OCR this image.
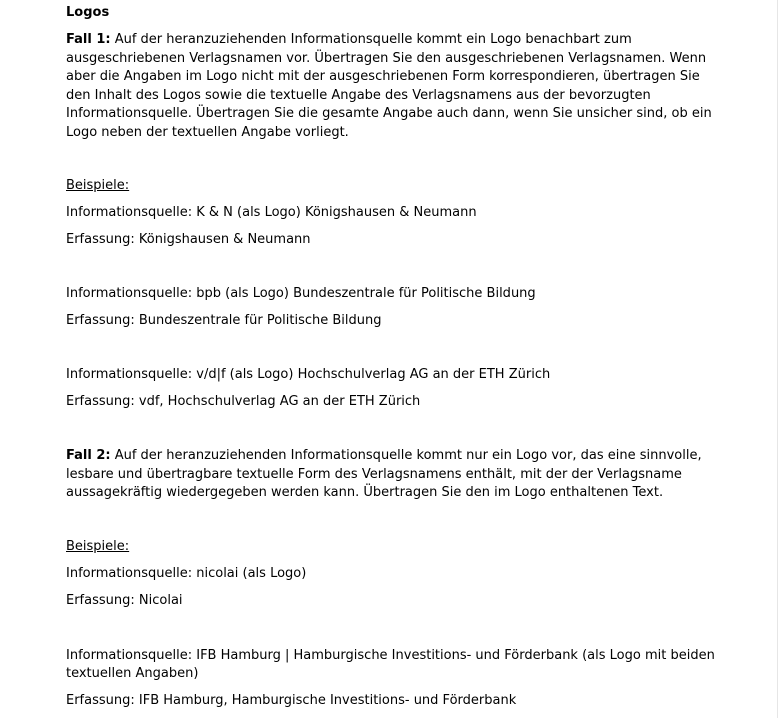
Logos

Fall 1: Auf der heranzuziehenden Informationsquelle kommt ein Logo benachbart zum ausgeschriebenen Verlagsnamen vor. Übertragen Sie den ausgeschriebenen Verlagsnamen. Wenn aber die Angaben im Logo nicht mit der ausgeschriebenen Form korrespondieren, übertragen Sie den Inhalt des Logos sowie die textuelle Angabe des Verlagsnamens aus der bevorzugten Informationsquelle. Übertragen Sie die gesamte Angabe auch dann, wenn Sie unsicher sind, ob ein Logo neben der textuellen Angabe vorliegt.

Beispiele:

Informationsquelle: K & N (als Logo) Königshausen & Neumann

Erfassung: Königshausen & Neumann

Informationsquelle: bpb (als Logo) Bundeszentrale für Politische Bildung

Erfassung: Bundeszentrale für Politische Bildung

Informationsquelle: v/d|f (als Logo) Hochschulverlag AG an der ETH Zürich

Erfassung: vdf, Hochschulverlag AG an der ETH Zürich

Fall 2: Auf der heranzuziehenden Informationsquelle kommt nur ein Logo vor, das eine sinnvolle, lesbare und übertragbare textuelle Form des Verlagsnamens enthält, mit der der Verlagsname aussagekräftig wiedergegeben werden kann. Übertragen Sie den im Logo enthaltenen Text.

Beispiele:

Informationsquelle: nicolai (als Logo)

Erfassung: Nicolai

Informationsquelle: IFB Hamburg | Hamburgische Investitions- und Förderbank (als Logo mit beiden textuellen Angaben)

Erfassung: IFB Hamburg, Hamburgische Investitions- und Förderbank
